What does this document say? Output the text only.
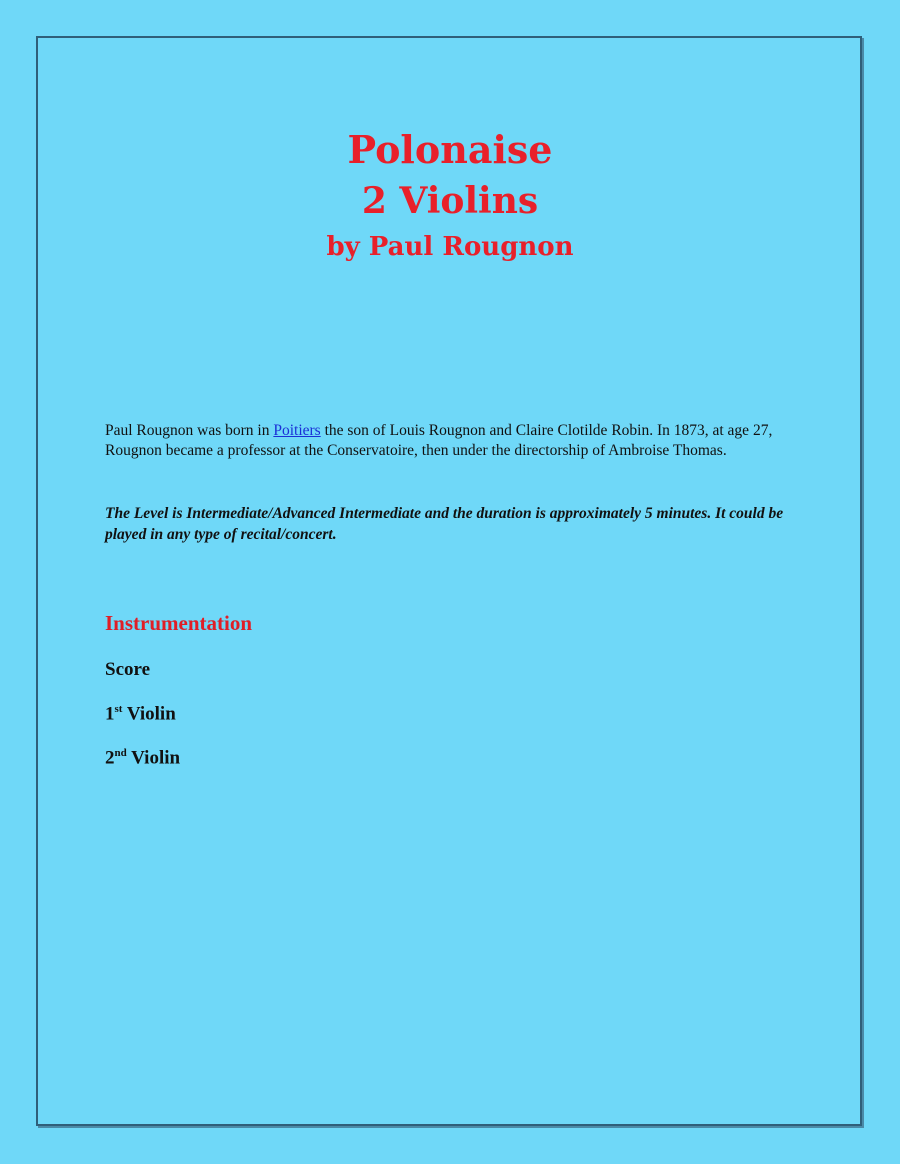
Polonaise
2 Violins
by Paul Rougnon
Paul Rougnon was born in Poitiers the son of Louis Rougnon and Claire Clotilde Robin. In 1873, at age 27, Rougnon became a professor at the Conservatoire, then under the directorship of Ambroise Thomas.
The Level is Intermediate/Advanced Intermediate and the duration is approximately 5 minutes. It could be played in any type of recital/concert.
Instrumentation
Score
1st Violin
2nd Violin
